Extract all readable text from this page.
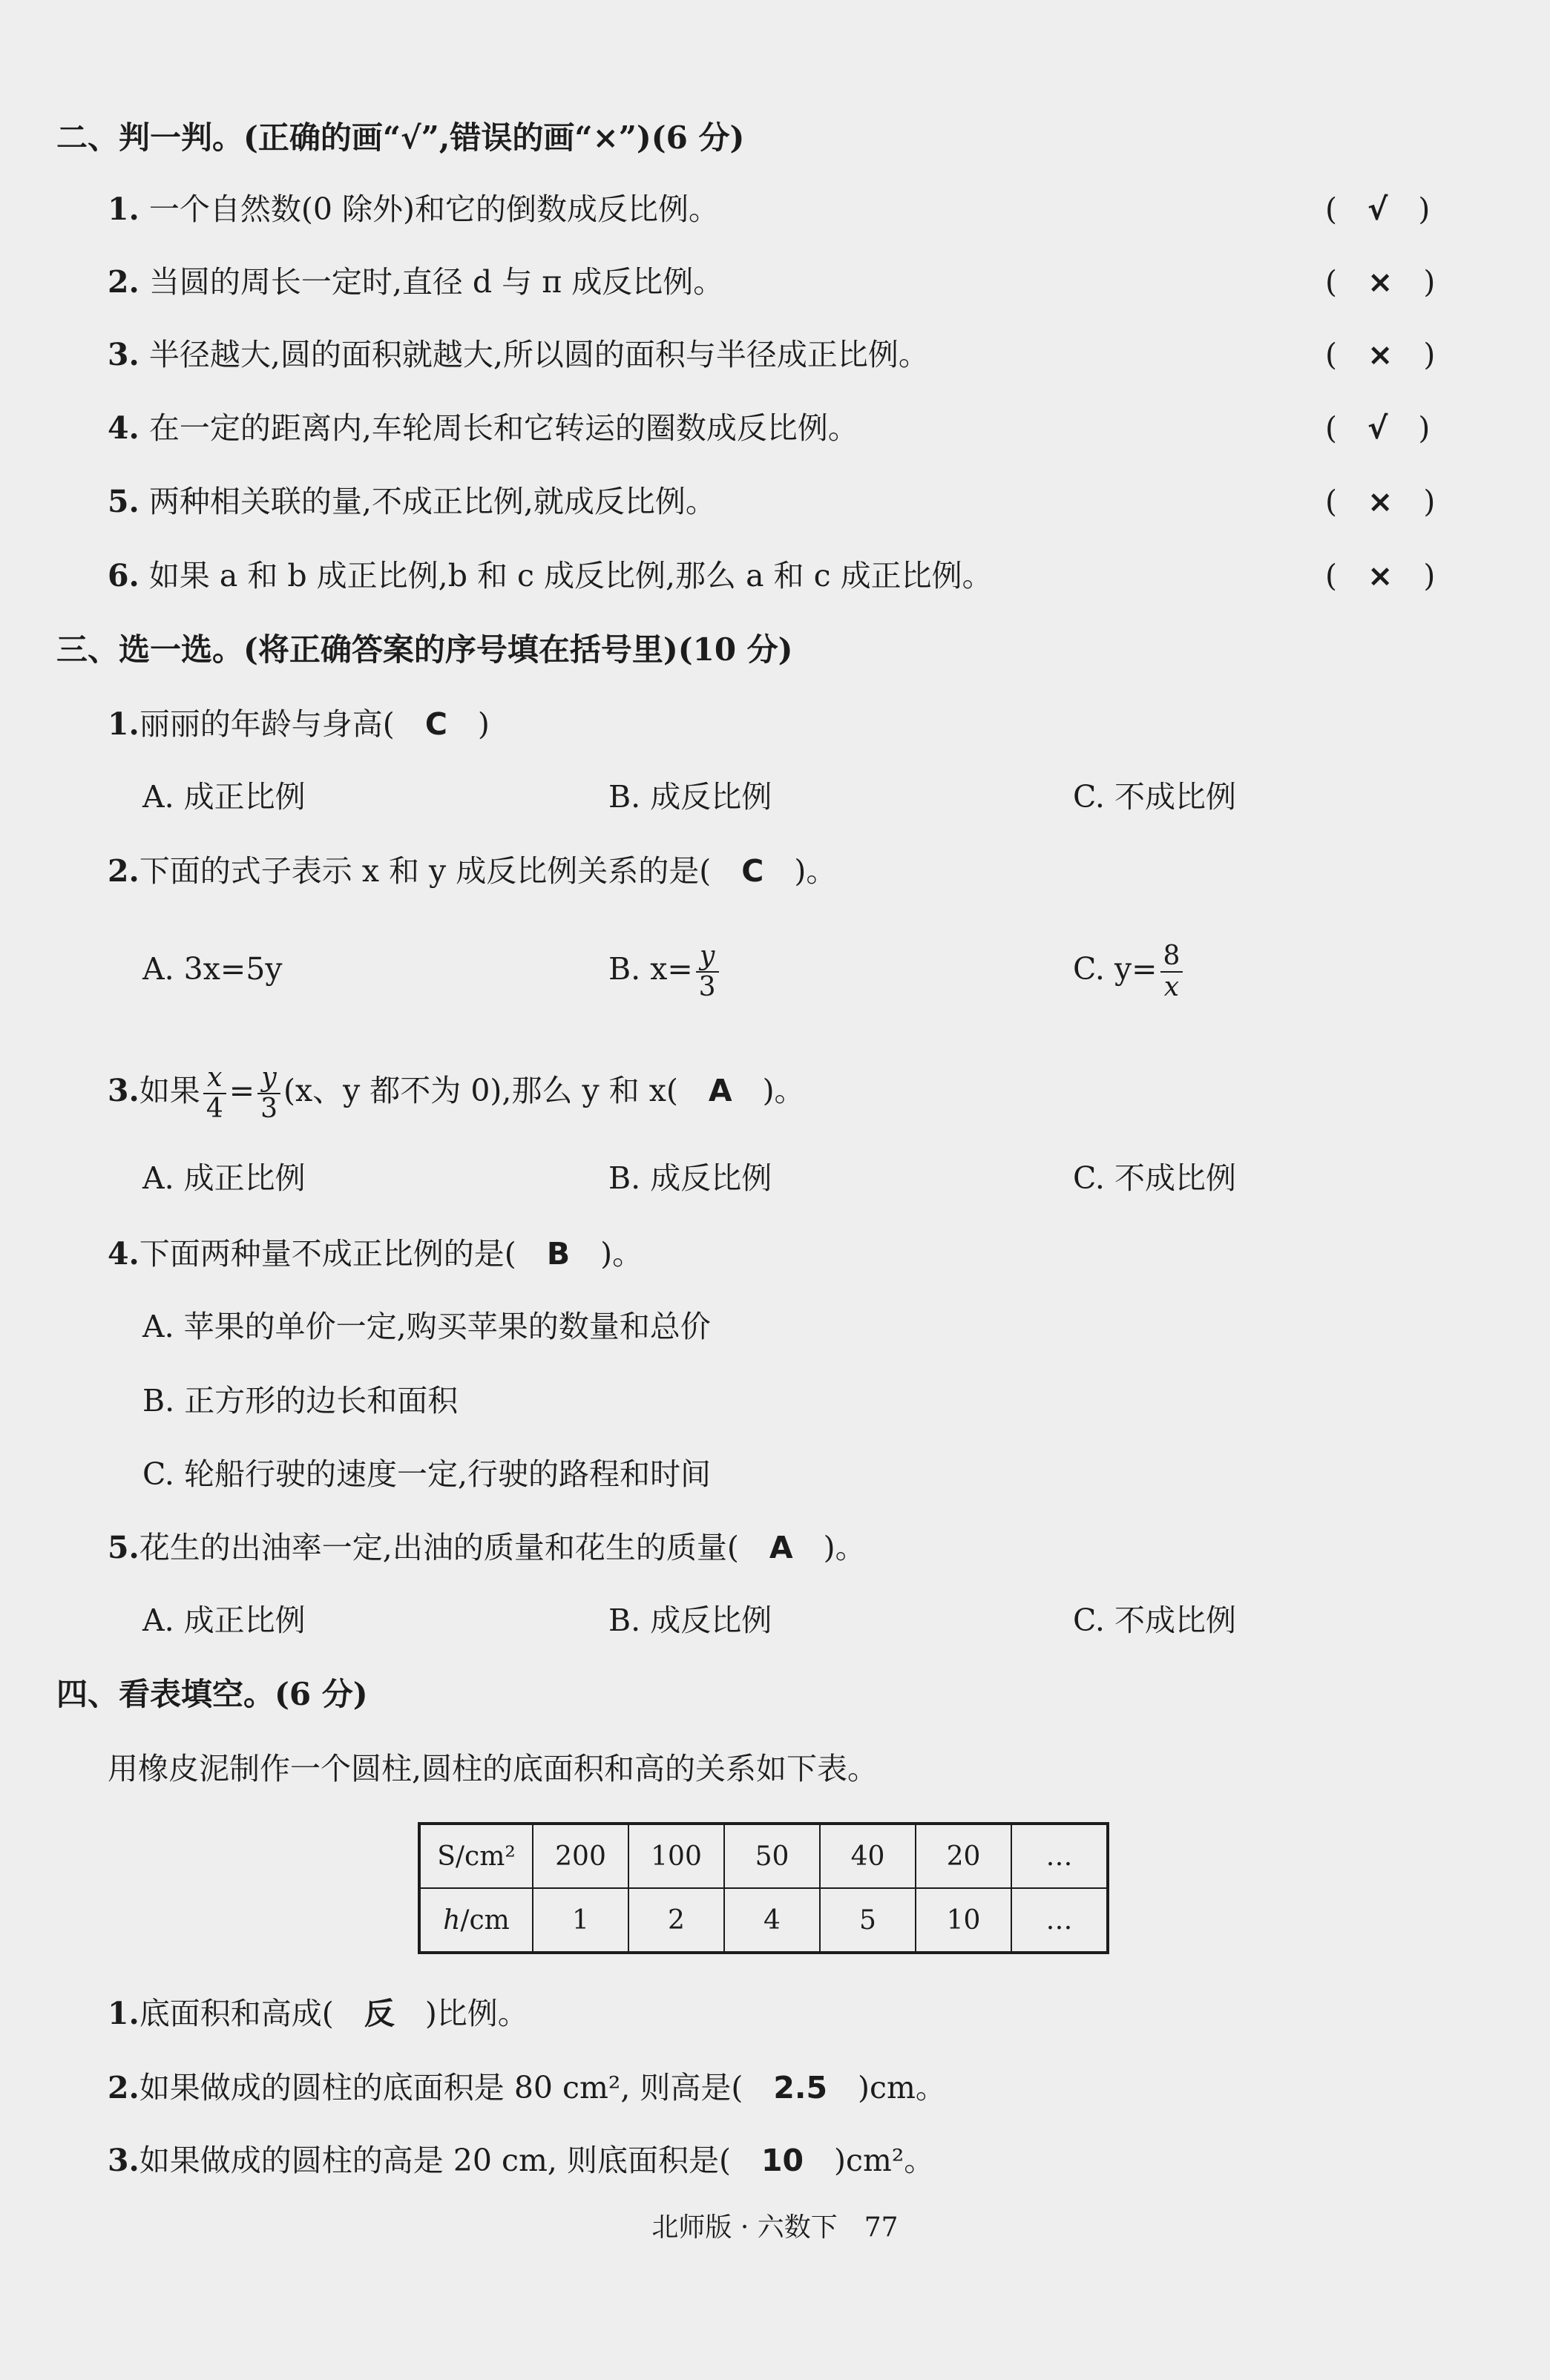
二、判一判。(正确的画“√”,错误的画“×”)(6 分)
1. 一个自然数(0 除外)和它的倒数成反比例。	(　√　)
2. 当圆的周长一定时,直径 d 与 π 成反比例。	(　×　)
3. 半径越大,圆的面积就越大,所以圆的面积与半径成正比例。	(　×　)
4. 在一定的距离内,车轮周长和它转运的圈数成反比例。	(　√　)
5. 两种相关联的量,不成正比例,就成反比例。	(　×　)
6. 如果 a 和 b 成正比例,b 和 c 成反比例,那么 a 和 c 成正比例。	(　×　)
三、选一选。(将正确答案的序号填在括号里)(10 分)
1.丽丽的年龄与身高(　 C　 )
A. 成正比例	B. 成反比例	C. 不成比例
2.下面的式子表示 x 和 y 成反比例关系的是(　 C　 )。
A. 3x=5y	B. $x= \frac{y}{3}$	C. $y= \frac{8}{x}$
3.如果 $\frac{x}{4} = \frac{y}{3} (x$、y 都不为 0),那么 y 和 x(　 A　 )。
A. 成正比例	B. 成反比例	C. 不成比例
4.下面两种量不成正比例的是(　 B　 )。
A. 苹果的单价一定,购买苹果的数量和总价
B. 正方形的边长和面积
C. 轮船行驶的速度一定,行驶的路程和时间
5.花生的出油率一定,出油的质量和花生的质量(　 A　 )。
A. 成正比例	B. 成反比例	C. 不成比例
四、看表填空。(6 分)
用橡皮泥制作一个圆柱,圆柱的底面积和高的关系如下表。
S/cm²	200	100	50	40	20	…
h/cm	1	2	4	5	10	…
1.底面积和高成(　 反　 )比例。
2.如果做成的圆柱的底面积是 80 cm², 则高是(　 2.5　 )cm。
3.如果做成的圆柱的高是 20 cm, 则底面积是(　 10　 )cm²。
北师版 · 六数下　77
